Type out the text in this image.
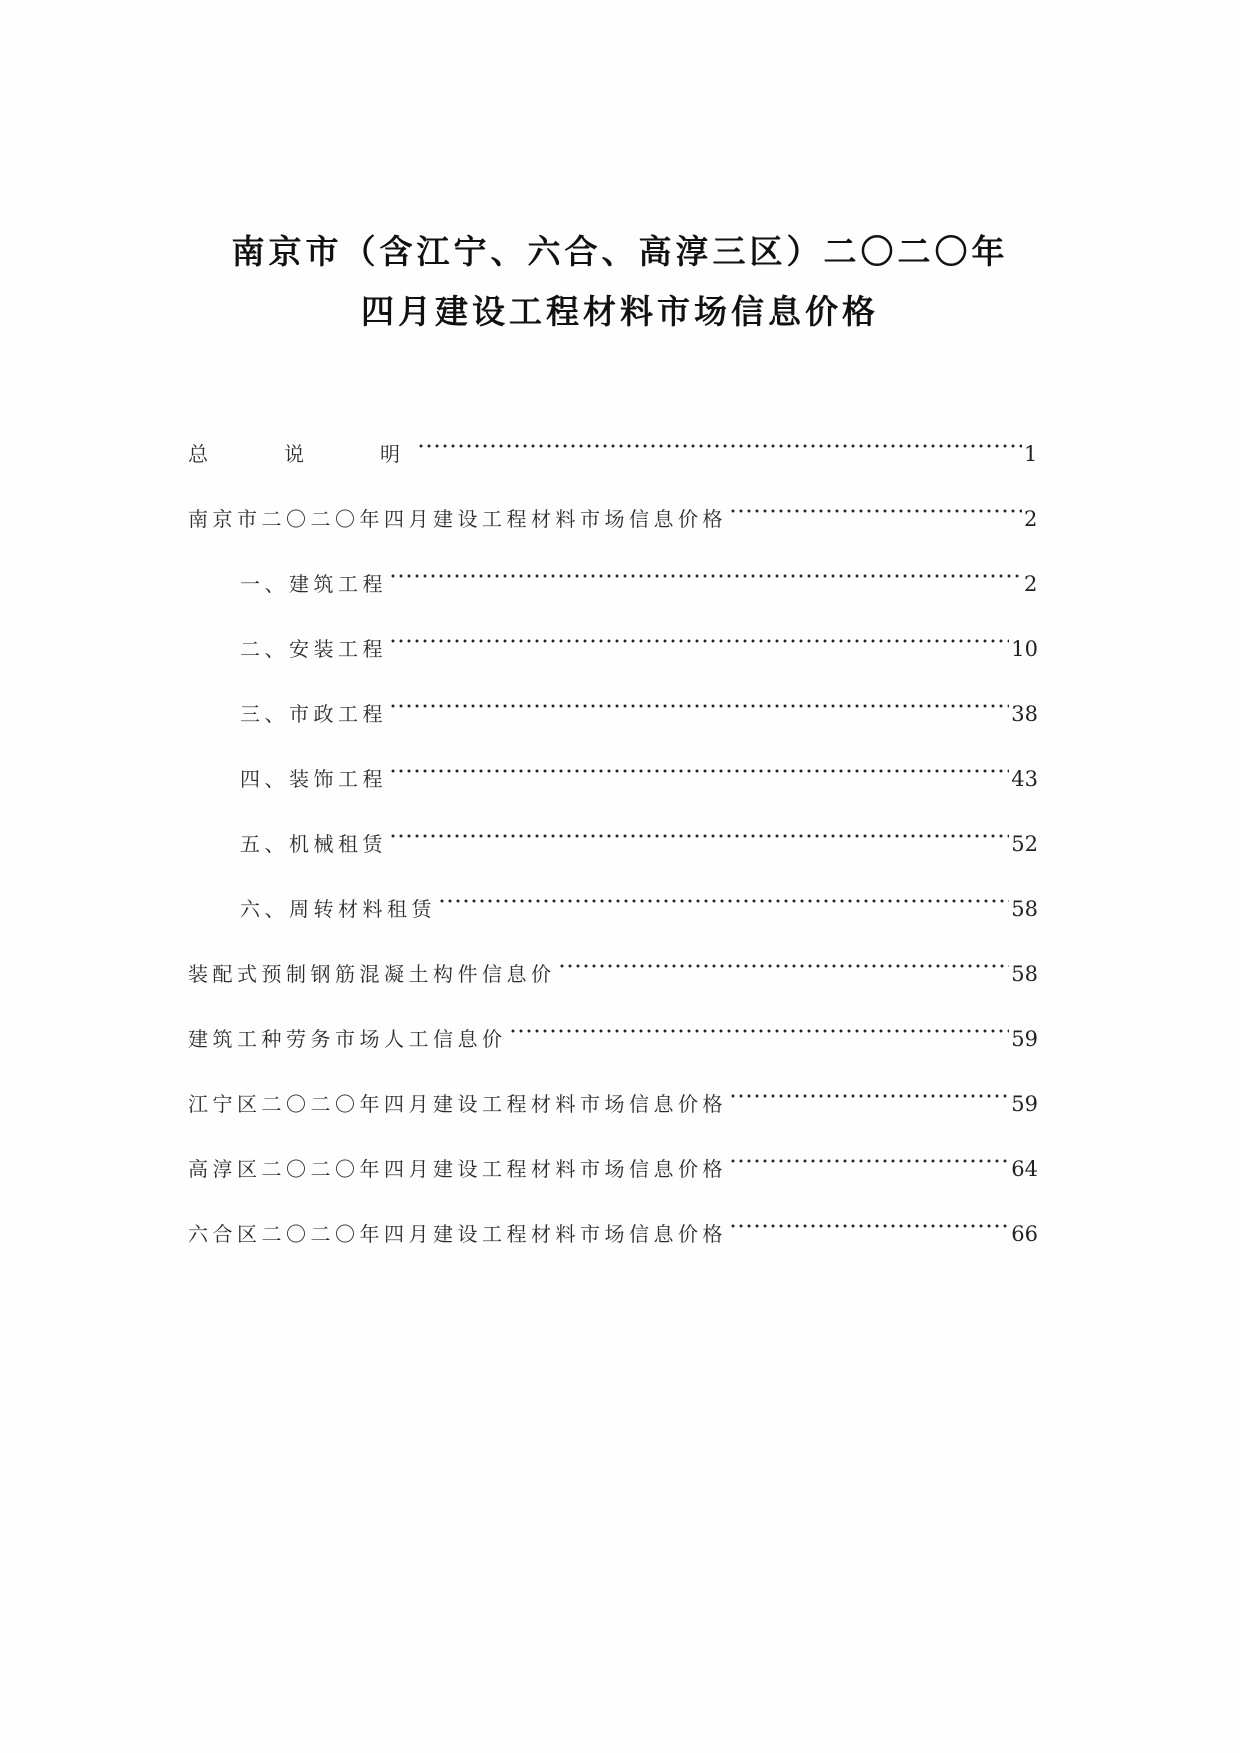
南京市（含江宁、六合、高淳三区）二〇二〇年
四月建设工程材料市场信息价格
总	说	明	1
南京市二〇二〇年四月建设工程材料市场信息价格	2
一、建筑工程	2
二、安装工程	10
三、市政工程	38
四、装饰工程	43
五、机械租赁	52
六、周转材料租赁	58
装配式预制钢筋混凝土构件信息价	58
建筑工种劳务市场人工信息价	59
江宁区二〇二〇年四月建设工程材料市场信息价格	59
高淳区二〇二〇年四月建设工程材料市场信息价格	64
六合区二〇二〇年四月建设工程材料市场信息价格	66
